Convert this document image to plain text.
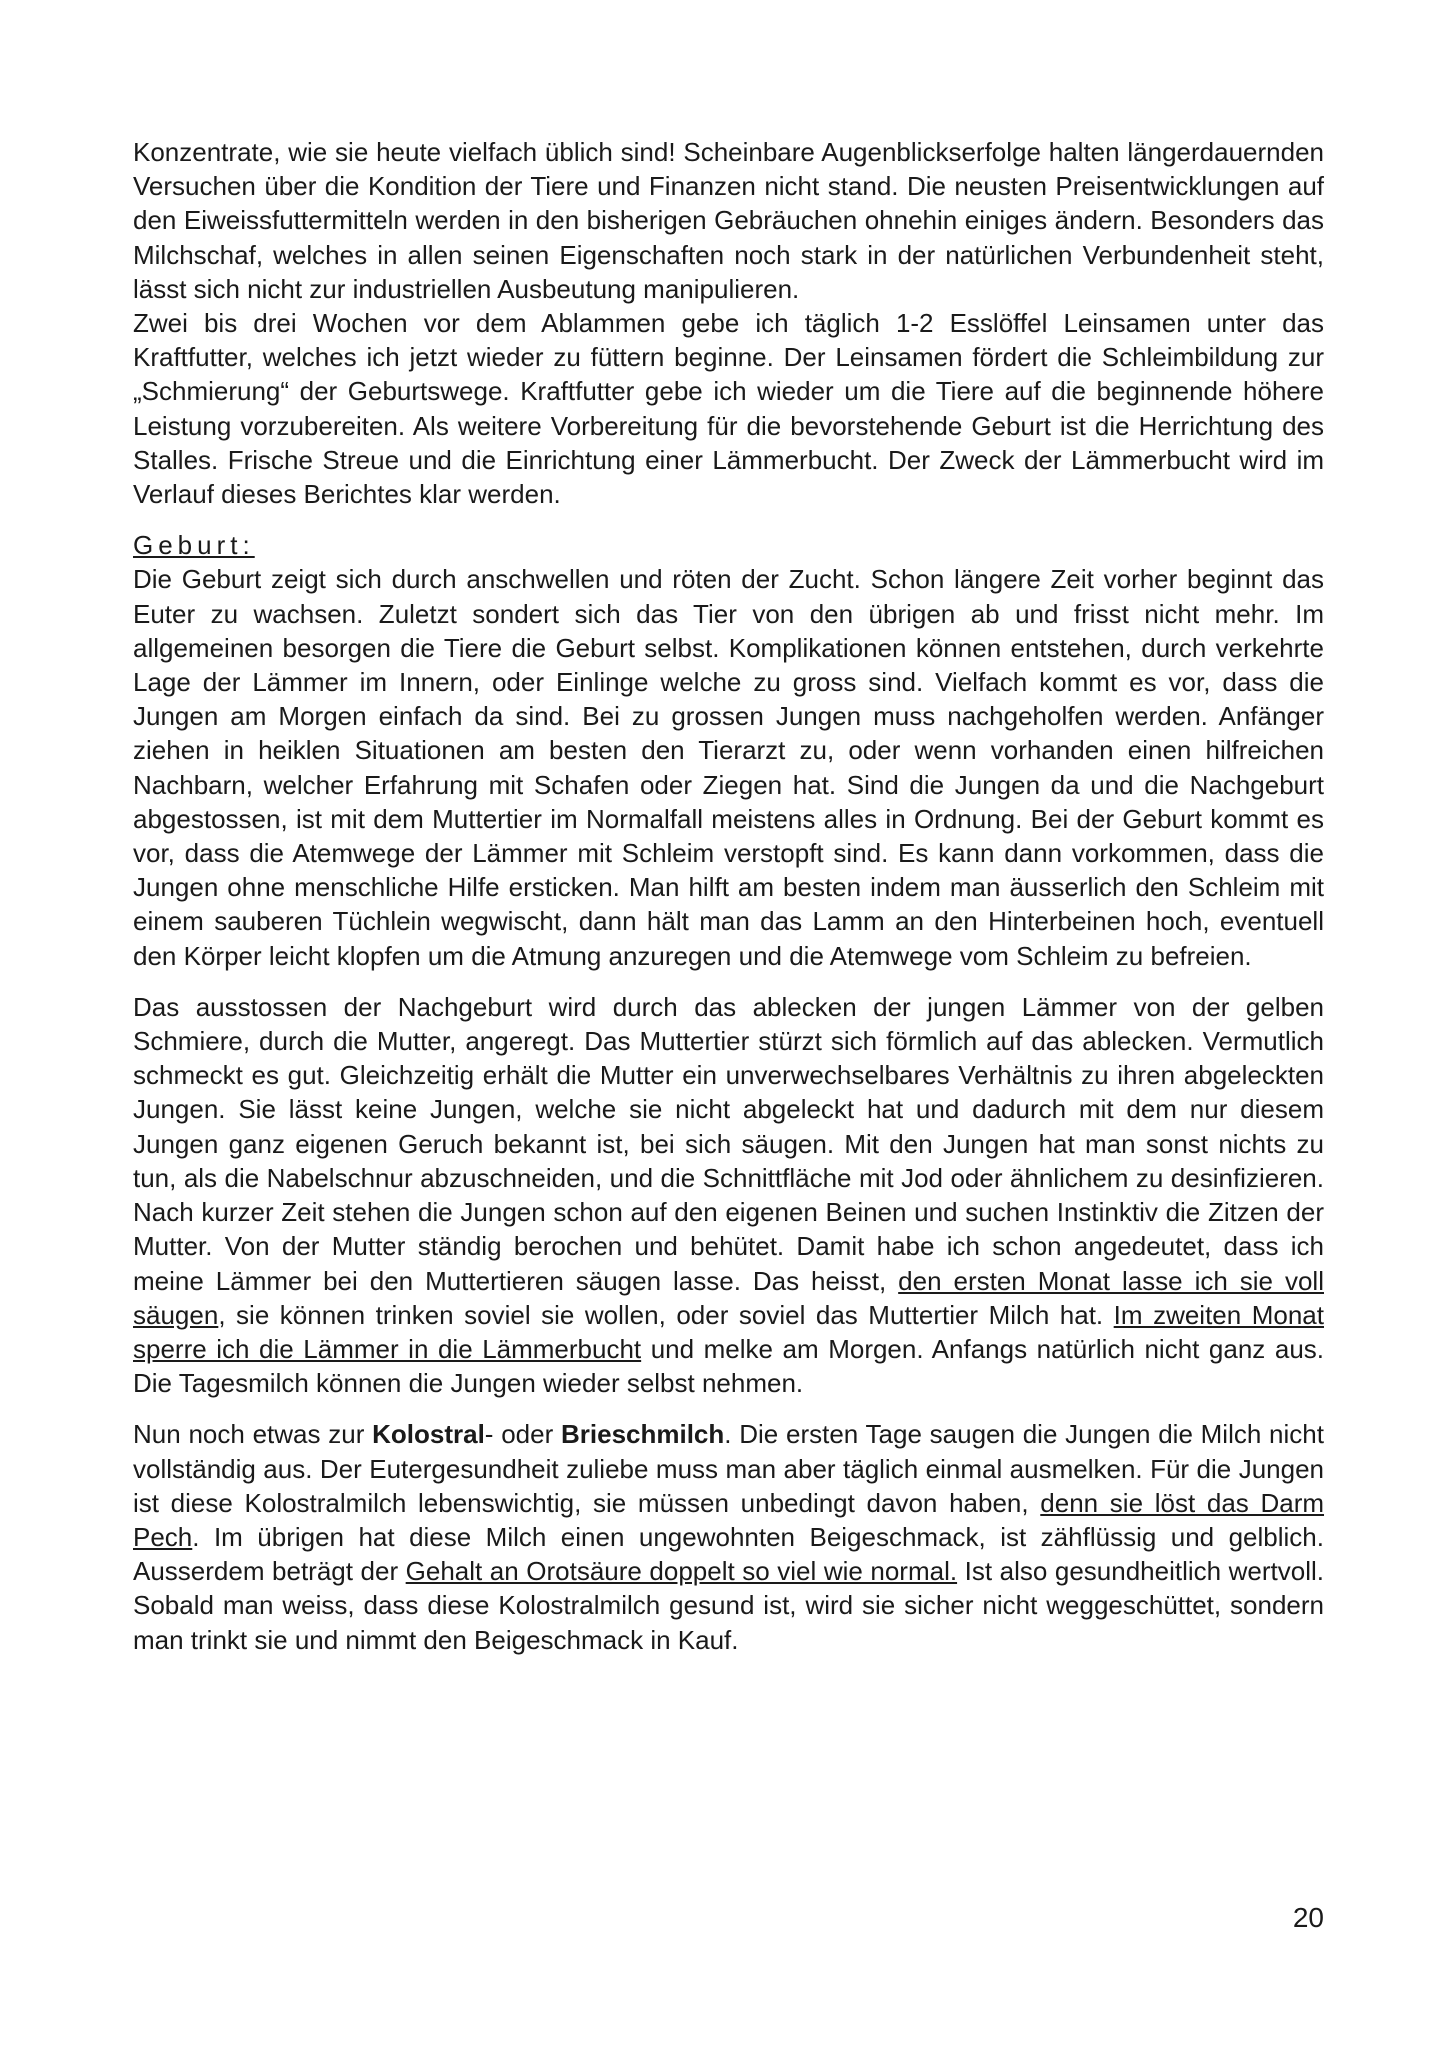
Konzentrate, wie sie heute vielfach üblich sind! Scheinbare Augenblickserfolge halten längerdauernden Versuchen über die Kondition der Tiere und Finanzen nicht stand. Die neusten Preisentwicklungen auf den Eiweissfuttermitteln werden in den bisherigen Gebräuchen ohnehin einiges ändern. Besonders das Milchschaf, welches in allen seinen Eigenschaften noch stark in der natürlichen Verbundenheit steht, lässt sich nicht zur industriellen Ausbeutung manipulieren.

Zwei bis drei Wochen vor dem Ablammen gebe ich täglich 1-2 Esslöffel Leinsamen unter das Kraftfutter, welches ich jetzt wieder zu füttern beginne. Der Leinsamen fördert die Schleimbildung zur „Schmierung“ der Geburtswege. Kraftfutter gebe ich wieder um die Tiere auf die beginnende höhere Leistung vorzubereiten. Als weitere Vorbereitung für die bevorstehende Geburt ist die Herrichtung des Stalles. Frische Streue und die Einrichtung einer Lämmerbucht. Der Zweck der Lämmerbucht wird im Verlauf dieses Berichtes klar werden.

Geburt:

Die Geburt zeigt sich durch anschwellen und röten der Zucht. Schon längere Zeit vorher beginnt das Euter zu wachsen. Zuletzt sondert sich das Tier von den übrigen ab und frisst nicht mehr. Im allgemeinen besorgen die Tiere die Geburt selbst. Komplikationen können entstehen, durch verkehrte Lage der Lämmer im Innern, oder Einlinge welche zu gross sind. Vielfach kommt es vor, dass die Jungen am Morgen einfach da sind. Bei zu grossen Jungen muss nachgeholfen werden. Anfänger ziehen in heiklen Situationen am besten den Tierarzt zu, oder wenn vorhanden einen hilfreichen Nachbarn, welcher Erfahrung mit Schafen oder Ziegen hat. Sind die Jungen da und die Nachgeburt abgestossen, ist mit dem Muttertier im Normalfall meistens alles in Ordnung. Bei der Geburt kommt es vor, dass die Atemwege der Lämmer mit Schleim verstopft sind. Es kann dann vorkommen, dass die Jungen ohne menschliche Hilfe ersticken. Man hilft am besten indem man äusserlich den Schleim mit einem sauberen Tüchlein wegwischt, dann hält man das Lamm an den Hinterbeinen hoch, eventuell den Körper leicht klopfen um die Atmung anzuregen und die Atemwege vom Schleim zu befreien.

Das ausstossen der Nachgeburt wird durch das ablecken der jungen Lämmer von der gelben Schmiere, durch die Mutter, angeregt. Das Muttertier stürzt sich förmlich auf das ablecken. Vermutlich schmeckt es gut. Gleichzeitig erhält die Mutter ein unverwechselbares Verhältnis zu ihren abgeleckten Jungen. Sie lässt keine Jungen, welche sie nicht abgeleckt hat und dadurch mit dem nur diesem Jungen ganz eigenen Geruch bekannt ist, bei sich säugen. Mit den Jungen hat man sonst nichts zu tun, als die Nabelschnur abzuschneiden, und die Schnittfläche mit Jod oder ähnlichem zu desinfizieren. Nach kurzer Zeit stehen die Jungen schon auf den eigenen Beinen und suchen Instinktiv die Zitzen der Mutter. Von der Mutter ständig berochen und behütet. Damit habe ich schon angedeutet, dass ich meine Lämmer bei den Muttertieren säugen lasse. Das heisst, den ersten Monat lasse ich sie voll säugen, sie können trinken soviel sie wollen, oder soviel das Muttertier Milch hat. Im zweiten Monat sperre ich die Lämmer in die Lämmerbucht und melke am Morgen. Anfangs natürlich nicht ganz aus. Die Tagesmilch können die Jungen wieder selbst nehmen.

Nun noch etwas zur Kolostral- oder Brieschmilch. Die ersten Tage saugen die Jungen die Milch nicht vollständig aus. Der Eutergesundheit zuliebe muss man aber täglich einmal ausmelken. Für die Jungen ist diese Kolostralmilch lebenswichtig, sie müssen unbedingt davon haben, denn sie löst das Darm Pech. Im übrigen hat diese Milch einen ungewohnten Beigeschmack, ist zähflüssig und gelblich. Ausserdem beträgt der Gehalt an Orotsäure doppelt so viel wie normal. Ist also gesundheitlich wertvoll. Sobald man weiss, dass diese Kolostralmilch gesund ist, wird sie sicher nicht weggeschüttet, sondern man trinkt sie und nimmt den Beigeschmack in Kauf.

20
